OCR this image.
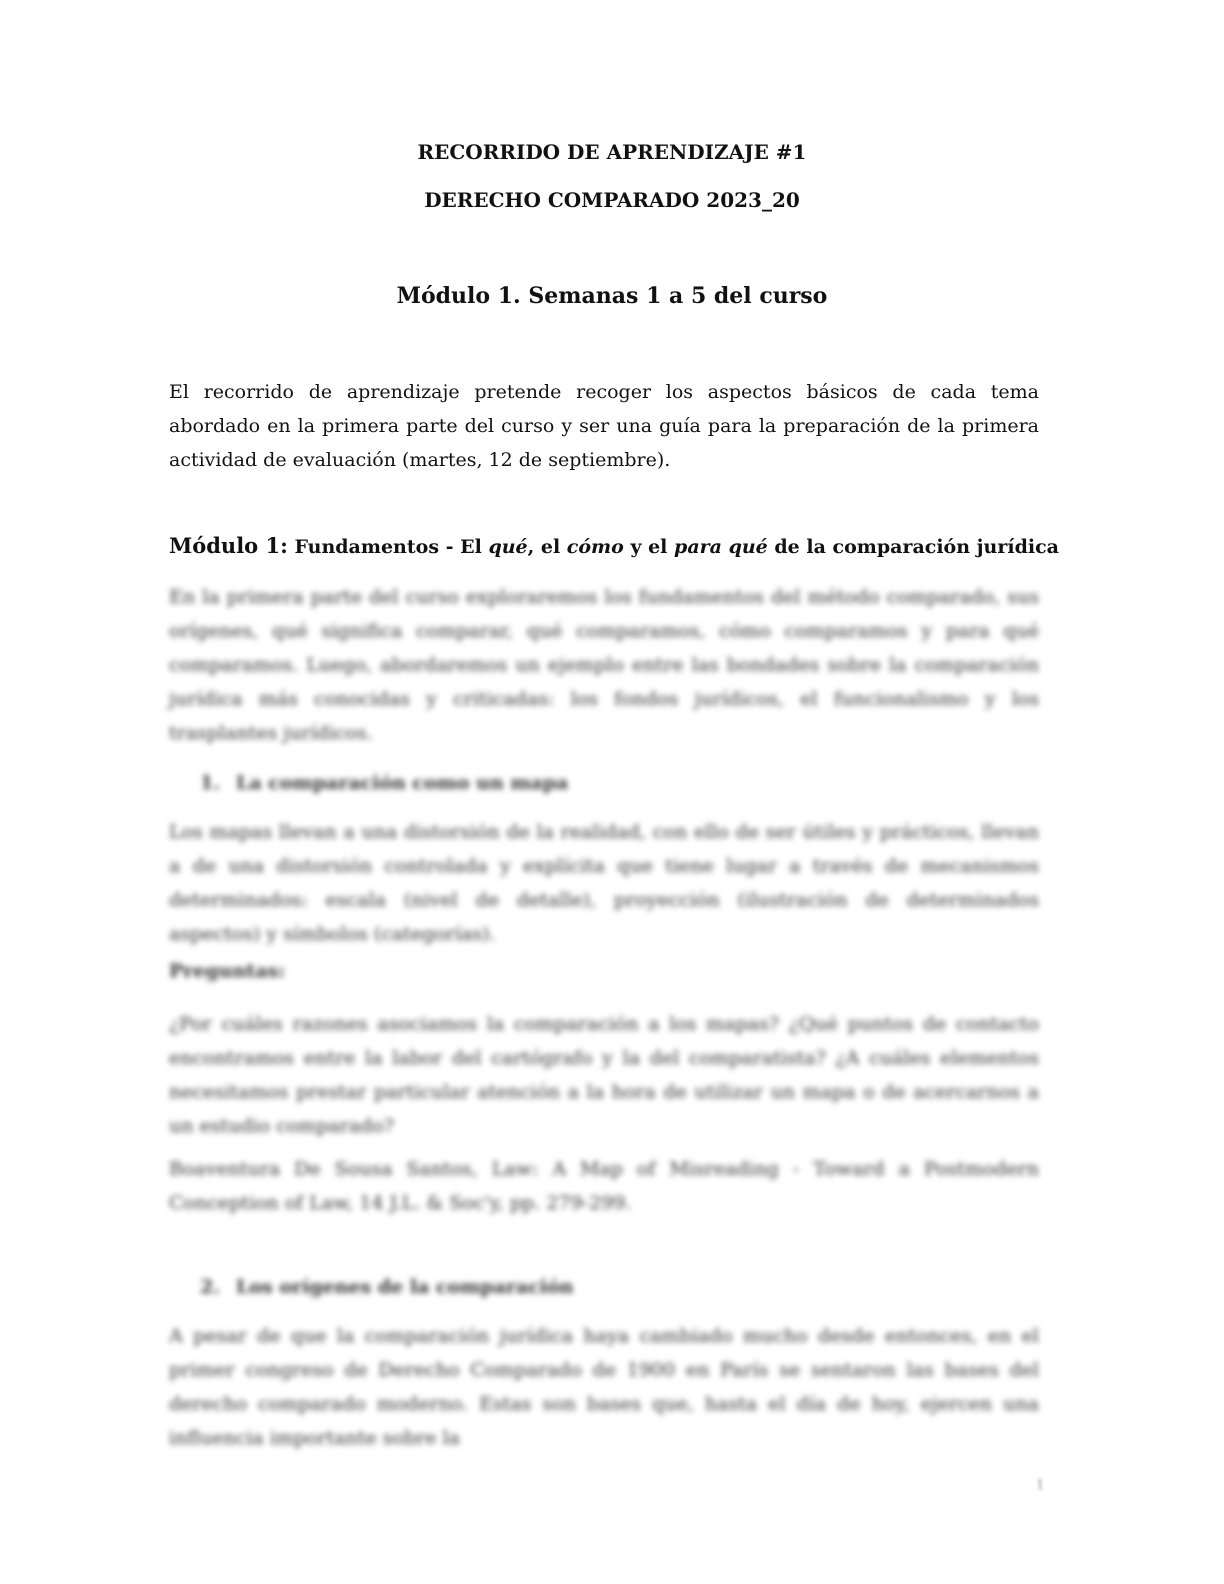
RECORRIDO DE APRENDIZAJE #1

DERECHO COMPARADO 2023_20

Módulo 1. Semanas 1 a 5 del curso

El recorrido de aprendizaje pretende recoger los aspectos básicos de cada tema abordado en la primera parte del curso y ser una guía para la preparación de la primera actividad de evaluación (martes, 12 de septiembre).

Módulo 1: Fundamentos - El qué, el cómo y el para qué de la comparación jurídica

En la primera parte del curso exploraremos los fundamentos del método comparado, sus orígenes, qué significa comparar, qué comparamos, cómo comparamos y para qué comparamos. Luego, abordaremos un ejemplo entre las bondades sobre la comparación jurídica más conocidas y criticadas: los fondos jurídicos, el funcionalismo y los trasplantes jurídicos.

1. La comparación como un mapa

Los mapas llevan a una distorsión de la realidad, con ello de ser útiles y prácticos, llevan a de una distorsión controlada y explícita que tiene lugar a través de mecanismos determinados: escala (nivel de detalle), proyección (ilustración de determinados aspectos) y símbolos (categorías).

Preguntas:

¿Por cuáles razones asociamos la comparación a los mapas? ¿Qué puntos de contacto encontramos entre la labor del cartógrafo y la del comparatista? ¿A cuáles elementos necesitamos prestar particular atención a la hora de utilizar un mapa o de acercarnos a un estudio comparado?

Boaventura De Sousa Santos, Law: A Map of Misreading - Toward a Postmodern Conception of Law, 14 J.L. & Soc'y, pp. 279-299.

2. Los orígenes de la comparación

A pesar de que la comparación jurídica haya cambiado mucho desde entonces, en el primer congreso de Derecho Comparado de 1900 en París se sentaron las bases del derecho comparado moderno. Estas son bases que, hasta el día de hoy, ejercen una influencia importante sobre la

1
